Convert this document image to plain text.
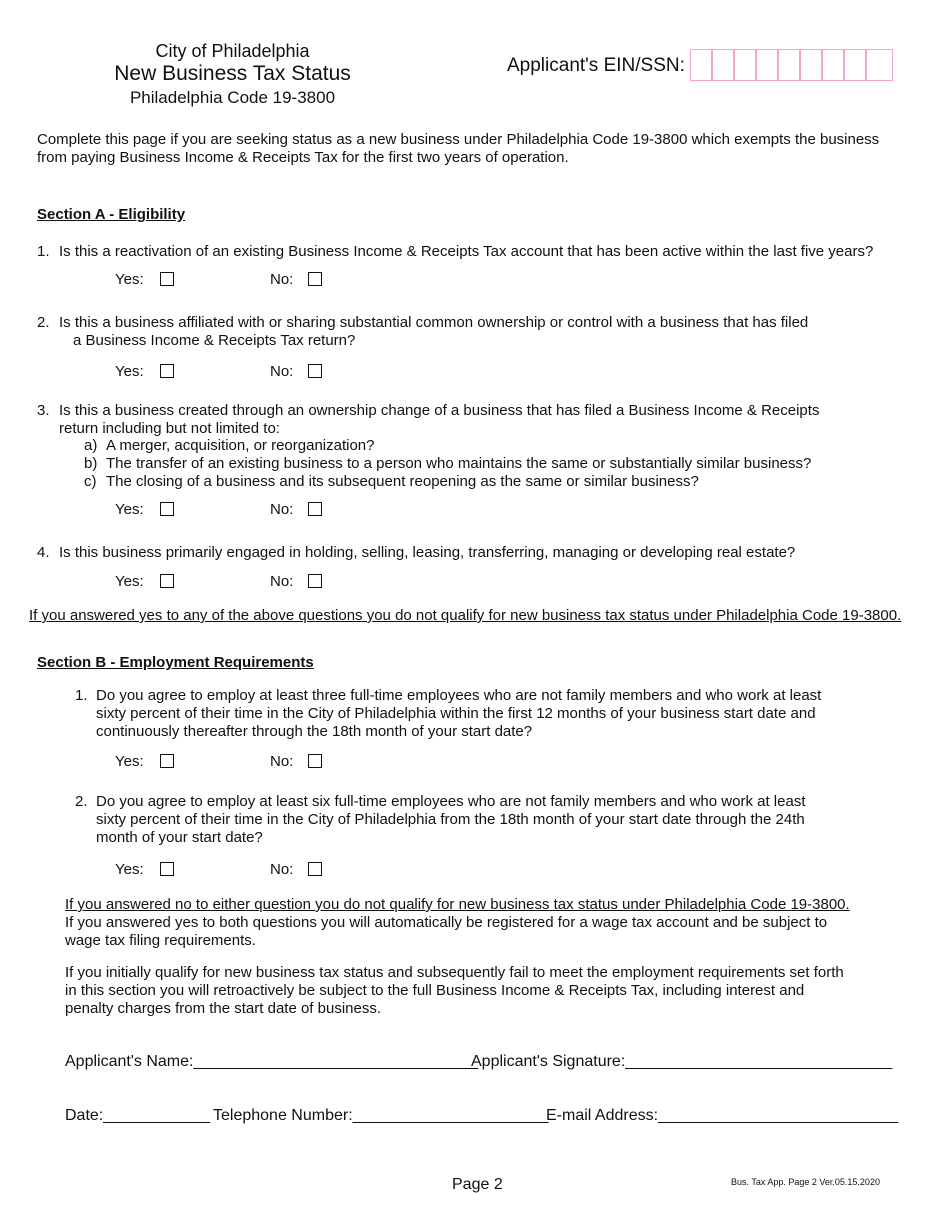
City of Philadelphia
New Business Tax Status
Philadelphia Code 19-3800
Applicant's EIN/SSN:
Complete this page if you are seeking status as a new business under Philadelphia Code 19-3800 which exempts the business
from paying Business Income & Receipts Tax for the first two years of operation.
Section A - Eligibility
1. Is this a reactivation of an existing Business Income & Receipts Tax account that has been active within the last five years?
Yes:	No:
2. Is this a business affiliated with or sharing substantial common ownership or control with a business that has filed
a Business Income & Receipts Tax return?
Yes:	No:
3. Is this a business created through an ownership change of a business that has filed a Business Income & Receipts
return including but not limited to:
a) A merger, acquisition, or reorganization?
b) The transfer of an existing business to a person who maintains the same or substantially similar business?
c) The closing of a business and its subsequent reopening as the same or similar business?
Yes:	No:
4. Is this business primarily engaged in holding, selling, leasing, transferring, managing or developing real estate?
Yes:	No:
If you answered yes to any of the above questions you do not qualify for new business tax status under Philadelphia Code 19-3800.
Section B - Employment Requirements
1. Do you agree to employ at least three full-time employees who are not family members and who work at least
sixty percent of their time in the City of Philadelphia within the first 12 months of your business start date and
continuously thereafter through the 18th month of your start date?
Yes:	No:
2. Do you agree to employ at least six full-time employees who are not family members and who work at least
sixty percent of their time in the City of Philadelphia from the 18th month of your start date through the 24th
month of your start date?
Yes:	No:
If you answered no to either question you do not qualify for new business tax status under Philadelphia Code 19-3800.
If you answered yes to both questions you will automatically be registered for a wage tax account and be subject to
wage tax filing requirements.
If you initially qualify for new business tax status and subsequently fail to meet the employment requirements set forth
in this section you will retroactively be subject to the full Business Income & Receipts Tax, including interest and
penalty charges from the start date of business.
Applicant's Name:________________________________
Applicant's Signature:______________________________
Date:____________ Telephone Number:______________________
E-mail Address:___________________________
Page 2	Bus. Tax App. Page 2 Ver.05.15.2020
